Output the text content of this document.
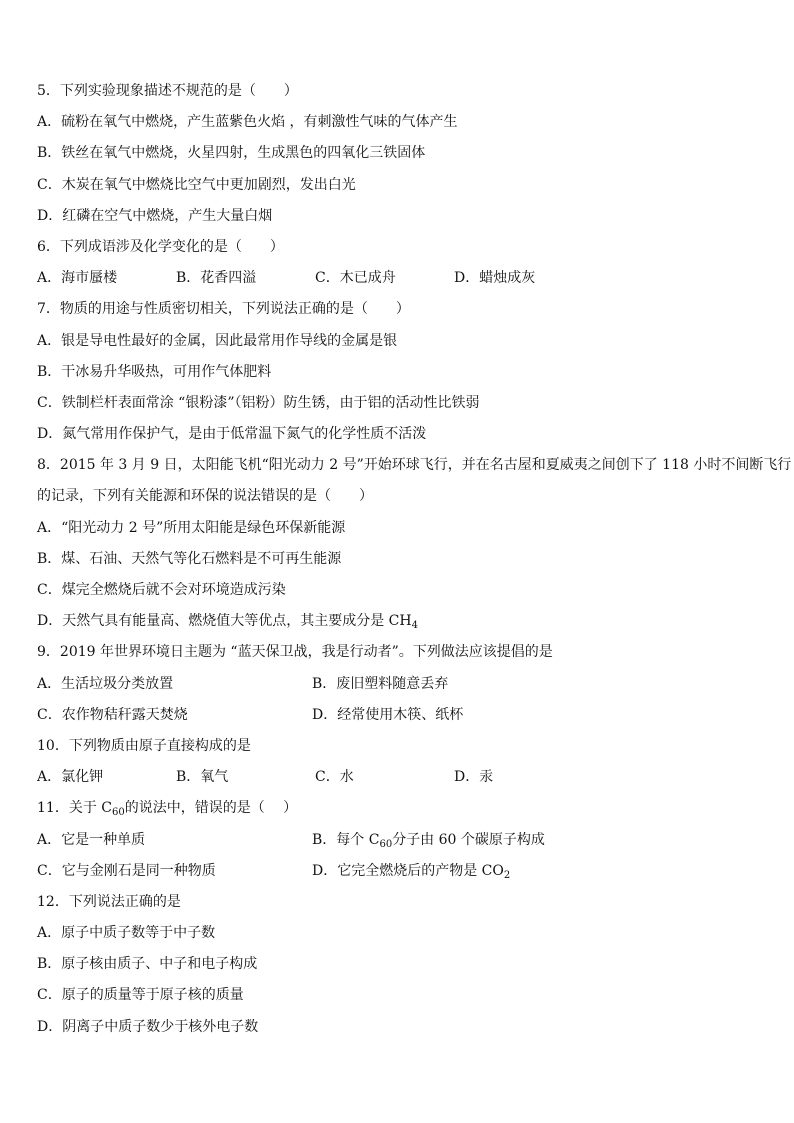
5．下列实验现象描述不规范的是（　　）
A．硫粉在氧气中燃烧，产生蓝紫色火焰 ，有刺激性气味的气体产生
B．铁丝在氧气中燃烧，火星四射，生成黑色的四氧化三铁固体
C．木炭在氧气中燃烧比空气中更加剧烈，发出白光
D．红磷在空气中燃烧，产生大量白烟
6．下列成语涉及化学变化的是（　　）
A．海市蜃楼	B．花香四溢	C．木已成舟	D．蜡烛成灰
7．物质的用途与性质密切相关，下列说法正确的是（　　）
A．银是导电性最好的金属，因此最常用作导线的金属是银
B．干冰易升华吸热，可用作气体肥料
C．铁制栏杆表面常涂 “银粉漆”（铝粉）防生锈，由于铝的活动性比铁弱
D．氮气常用作保护气，是由于低常温下氮气的化学性质不活泼
8．2015 年 3 月 9 日，太阳能飞机“阳光动力 2 号”开始环球飞行，并在名古屋和夏威夷之间创下了 118 小时不间断飞行
的记录，下列有关能源和环保的说法错误的是（　　）
A．“阳光动力 2 号”所用太阳能是绿色环保新能源
B．煤、石油、天然气等化石燃料是不可再生能源
C．煤完全燃烧后就不会对环境造成污染
D．天然气具有能量高、燃烧值大等优点，其主要成分是 $CH_4$
9．2019 年世界环境日主题为 “蓝天保卫战，我是行动者”。下列做法应该提倡的是
A．生活垃圾分类放置	B．废旧塑料随意丢弃
C．农作物秸秆露天焚烧	D．经常使用木筷、纸杯
10．下列物质由原子直接构成的是
A．氯化钾	B．氧气	C．水	D．汞
11．关于 $C_{60}$的说法中，错误的是（　 ）
A．它是一种单质	B．每个 $C_{60}$分子由 60 个碳原子构成
C．它与金刚石是同一种物质	D．它完全燃烧后的产物是 $CO_2$
12．下列说法正确的是
A．原子中质子数等于中子数
B．原子核由质子、中子和电子构成
C．原子的质量等于原子核的质量
D．阴离子中质子数少于核外电子数
